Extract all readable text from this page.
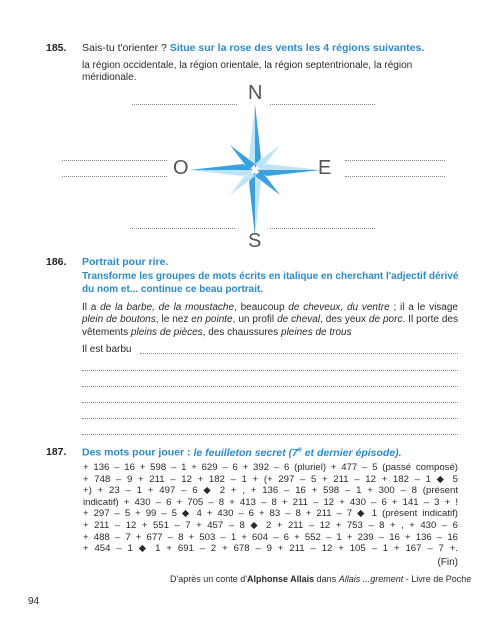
185. Sais-tu t'orienter ? Situe sur la rose des vents les 4 régions suivantes.
la région occidentale, la région orientale, la région septentrionale, la région méridionale.
N
S
O	E
186. Portrait pour rire.
Transforme les groupes de mots écrits en italique en cherchant l'adjectif dérivé du nom et... continue ce beau portrait.
Il a de la barbe, de la moustache, beaucoup de cheveux, du ventre ; il a le visage plein de boutons, le nez en pointe, un profil de cheval, des yeux de porc. Il porte des vêtements pleins de pièces, des chaussures pleines de trous
Il est barbu
187. Des mots pour jouer : le feuilleton secret (7e et dernier épisode).
+ 136 – 16 + 598 – 1 + 629 – 6 + 392 – 6 (pluriel) + 477 – 5 (passé composé)
+ 748 – 9 + 211 – 12 + 182 – 1 + (+ 297 – 5 + 211 – 12 + 182 – 1 ◆ 5
+) + 23 – 1 + 497 – 6 ◆ 2 + , + 136 – 16 + 598 – 1 + 300 – 8 (présent
indicatif) + 430 – 6 + 705 – 8 + 413 – 8 + 211 – 12 + 430 – 6 + 141 – 3 + !
+ 297 – 5 + 99 – 5 ◆ 4 + 430 – 6 + 83 – 8 + 211 – 7 ◆ 1 (présent indicatif)
+ 211 – 12 + 551 – 7 + 457 – 8 ◆ 2 + 211 – 12 + 753 – 8 + , + 430 – 6
+ 488 – 7 + 677 – 8 + 503 – 1 + 604 – 6 + 552 – 1 + 239 – 16 + 136 – 16
+ 454 – 1 ◆ 1 + 691 – 2 + 678 – 9 + 211 – 12 + 105 – 1 + 167 – 7 +.
(Fin)
D'après un conte d'Alphonse Allais dans Allais ...grement - Livre de Poche
94
